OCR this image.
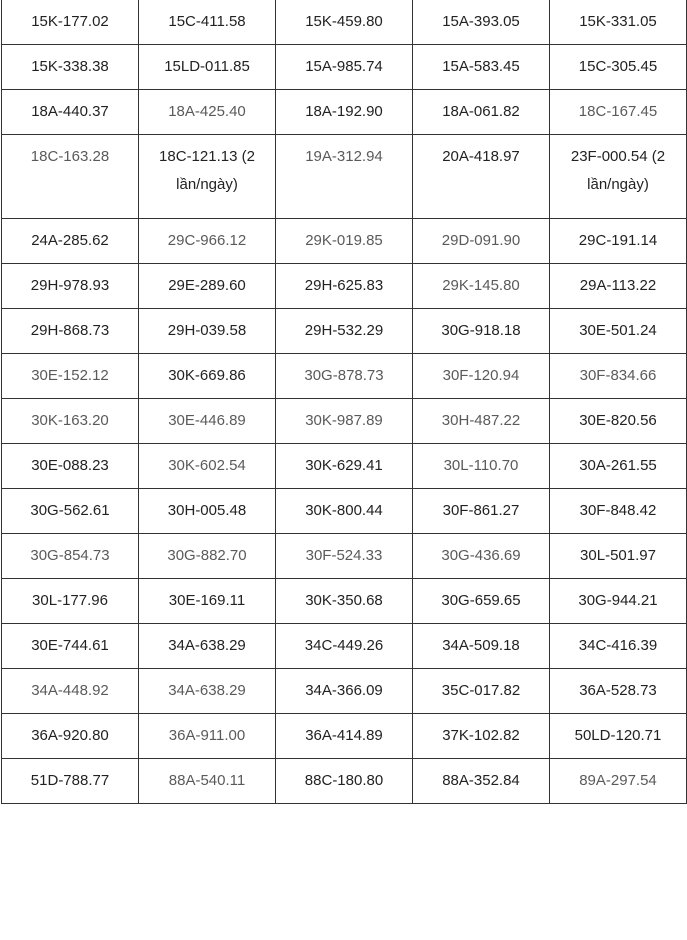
15K-177.02	15C-411.58	15K-459.80	15A-393.05	15K-331.05
15K-338.38	15LD-011.85	15A-985.74	15A-583.45	15C-305.45
18A-440.37	18A-425.40	18A-192.90	18A-061.82	18C-167.45
18C-163.28	18C-121.13 (2 lần/ngày)	19A-312.94	20A-418.97	23F-000.54 (2 lần/ngày)
24A-285.62	29C-966.12	29K-019.85	29D-091.90	29C-191.14
29H-978.93	29E-289.60	29H-625.83	29K-145.80	29A-113.22
29H-868.73	29H-039.58	29H-532.29	30G-918.18	30E-501.24
30E-152.12	30K-669.86	30G-878.73	30F-120.94	30F-834.66
30K-163.20	30E-446.89	30K-987.89	30H-487.22	30E-820.56
30E-088.23	30K-602.54	30K-629.41	30L-110.70	30A-261.55
30G-562.61	30H-005.48	30K-800.44	30F-861.27	30F-848.42
30G-854.73	30G-882.70	30F-524.33	30G-436.69	30L-501.97
30L-177.96	30E-169.11	30K-350.68	30G-659.65	30G-944.21
30E-744.61	34A-638.29	34C-449.26	34A-509.18	34C-416.39
34A-448.92	34A-638.29	34A-366.09	35C-017.82	36A-528.73
36A-920.80	36A-911.00	36A-414.89	37K-102.82	50LD-120.71
51D-788.77	88A-540.11	88C-180.80	88A-352.84	89A-297.54
